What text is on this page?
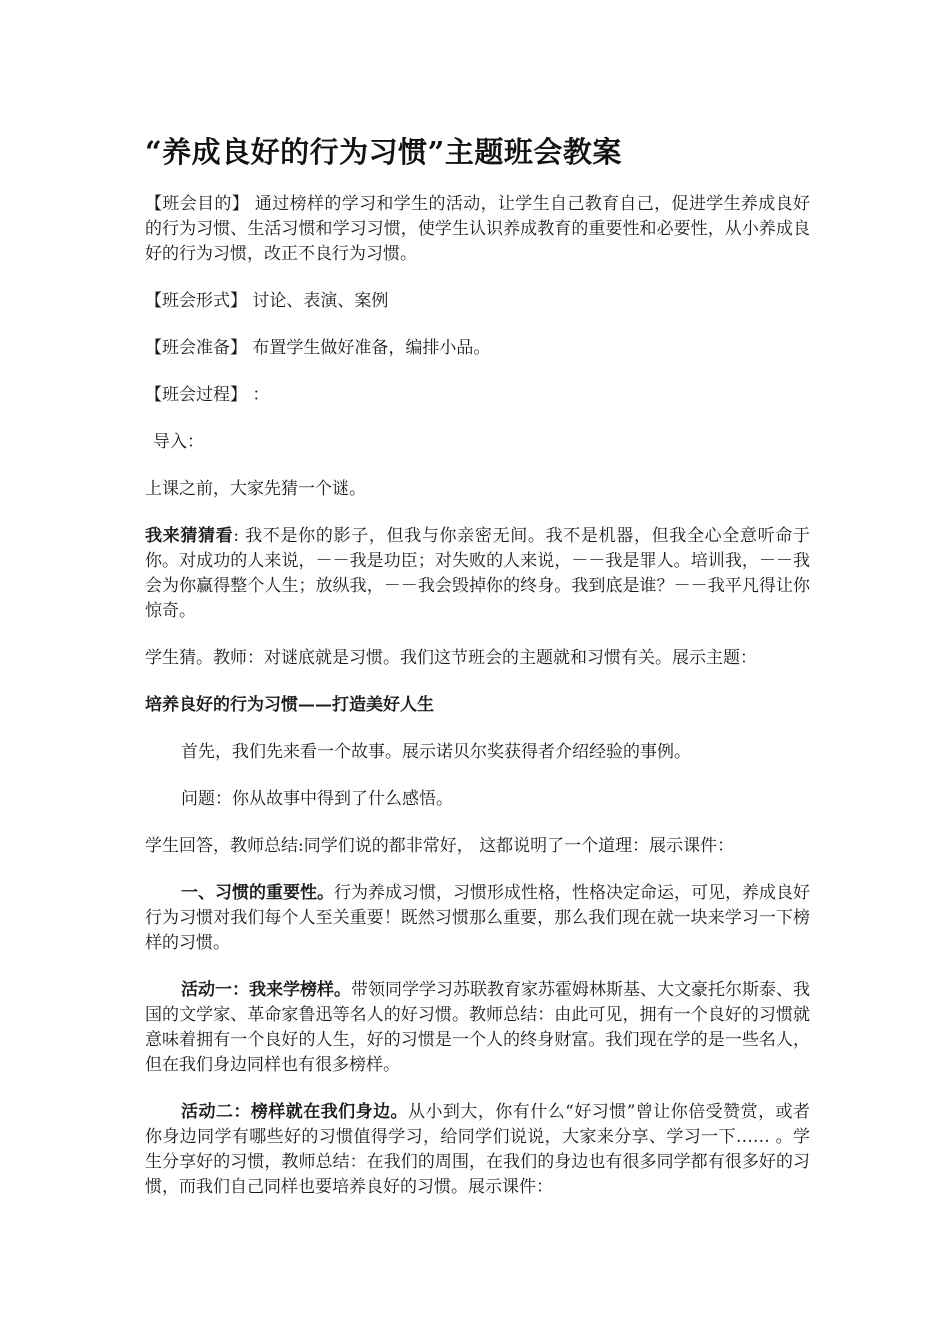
“养成良好的行为习惯”主题班会教案

【班会目的】 通过榜样的学习和学生的活动，让学生自己教育自己，促进学生养成良好的行为习惯、生活习惯和学习习惯，使学生认识养成教育的重要性和必要性，从小养成良好的行为习惯，改正不良行为习惯。

【班会形式】 讨论、表演、案例

【班会准备】 布置学生做好准备，编排小品。

【班会过程】 ：

导入：

上课之前，大家先猜一个谜。

我来猜猜看: 我不是你的影子，但我与你亲密无间。我不是机器，但我全心全意听命于你。对成功的人来说，－－我是功臣；对失败的人来说，－－我是罪人。培训我，－－我会为你赢得整个人生；放纵我，－－我会毁掉你的终身。我到底是谁？－－我平凡得让你惊奇。

学生猜。教师：对谜底就是习惯。我们这节班会的主题就和习惯有关。展示主题：

培养良好的行为习惯——打造美好人生

首先，我们先来看一个故事。展示诺贝尔奖获得者介绍经验的事例。

问题：你从故事中得到了什么感悟。

学生回答，教师总结:同学们说的都非常好， 这都说明了一个道理：展示课件：

一、习惯的重要性。行为养成习惯，习惯形成性格，性格决定命运，可见，养成良好行为习惯对我们每个人至关重要！既然习惯那么重要，那么我们现在就一块来学习一下榜样的习惯。

活动一：我来学榜样。带领同学学习苏联教育家苏霍姆林斯基、大文豪托尔斯泰、我国的文学家、革命家鲁迅等名人的好习惯。教师总结：由此可见，拥有一个良好的习惯就意味着拥有一个良好的人生，好的习惯是一个人的终身财富。我们现在学的是一些名人，但在我们身边同样也有很多榜样。

活动二：榜样就在我们身边。从小到大，你有什么“好习惯”曾让你倍受赞赏，或者你身边同学有哪些好的习惯值得学习，给同学们说说，大家来分享、学习一下…… 。学生分享好的习惯，教师总结：在我们的周围，在我们的身边也有很多同学都有很多好的习惯，而我们自己同样也要培养良好的习惯。展示课件：
